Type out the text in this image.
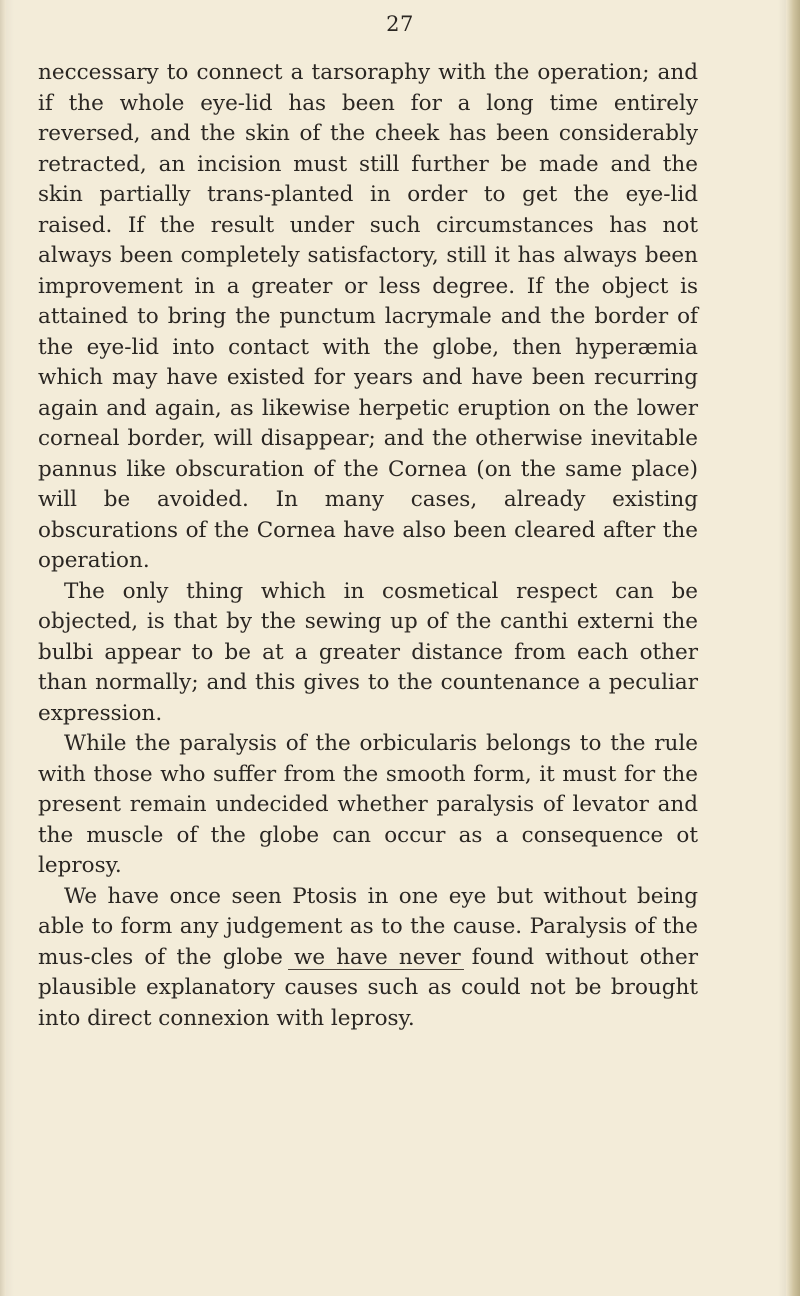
27

neccessary to connect a tarsoraphy with the operation; and if the whole eye-lid has been for a long time entirely reversed, and the skin of the cheek has been considerably retracted, an incision must still further be made and the skin partially trans-planted in order to get the eye-lid raised. If the result under such circumstances has not always been completely satisfactory, still it has always been improvement in a greater or less degree. If the object is attained to bring the punctum lacrymale and the border of the eye-lid into contact with the globe, then hyperæmia which may have existed for years and have been recurring again and again, as likewise herpetic eruption on the lower corneal border, will disappear; and the otherwise inevitable pannus like obscuration of the Cornea (on the same place) will be avoided. In many cases, already existing obscurations of the Cornea have also been cleared after the operation.

The only thing which in cosmetical respect can be objected, is that by the sewing up of the canthi externi the bulbi appear to be at a greater distance from each other than normally; and this gives to the countenance a peculiar expression.

While the paralysis of the orbicularis belongs to the rule with those who suffer from the smooth form, it must for the present remain undecided whether paralysis of levator and the muscle of the globe can occur as a consequence ot leprosy.

We have once seen Ptosis in one eye but without being able to form any judgement as to the cause. Paralysis of the mus-cles of the globe we have never found without other plausible explanatory causes such as could not be brought into direct connexion with leprosy.
